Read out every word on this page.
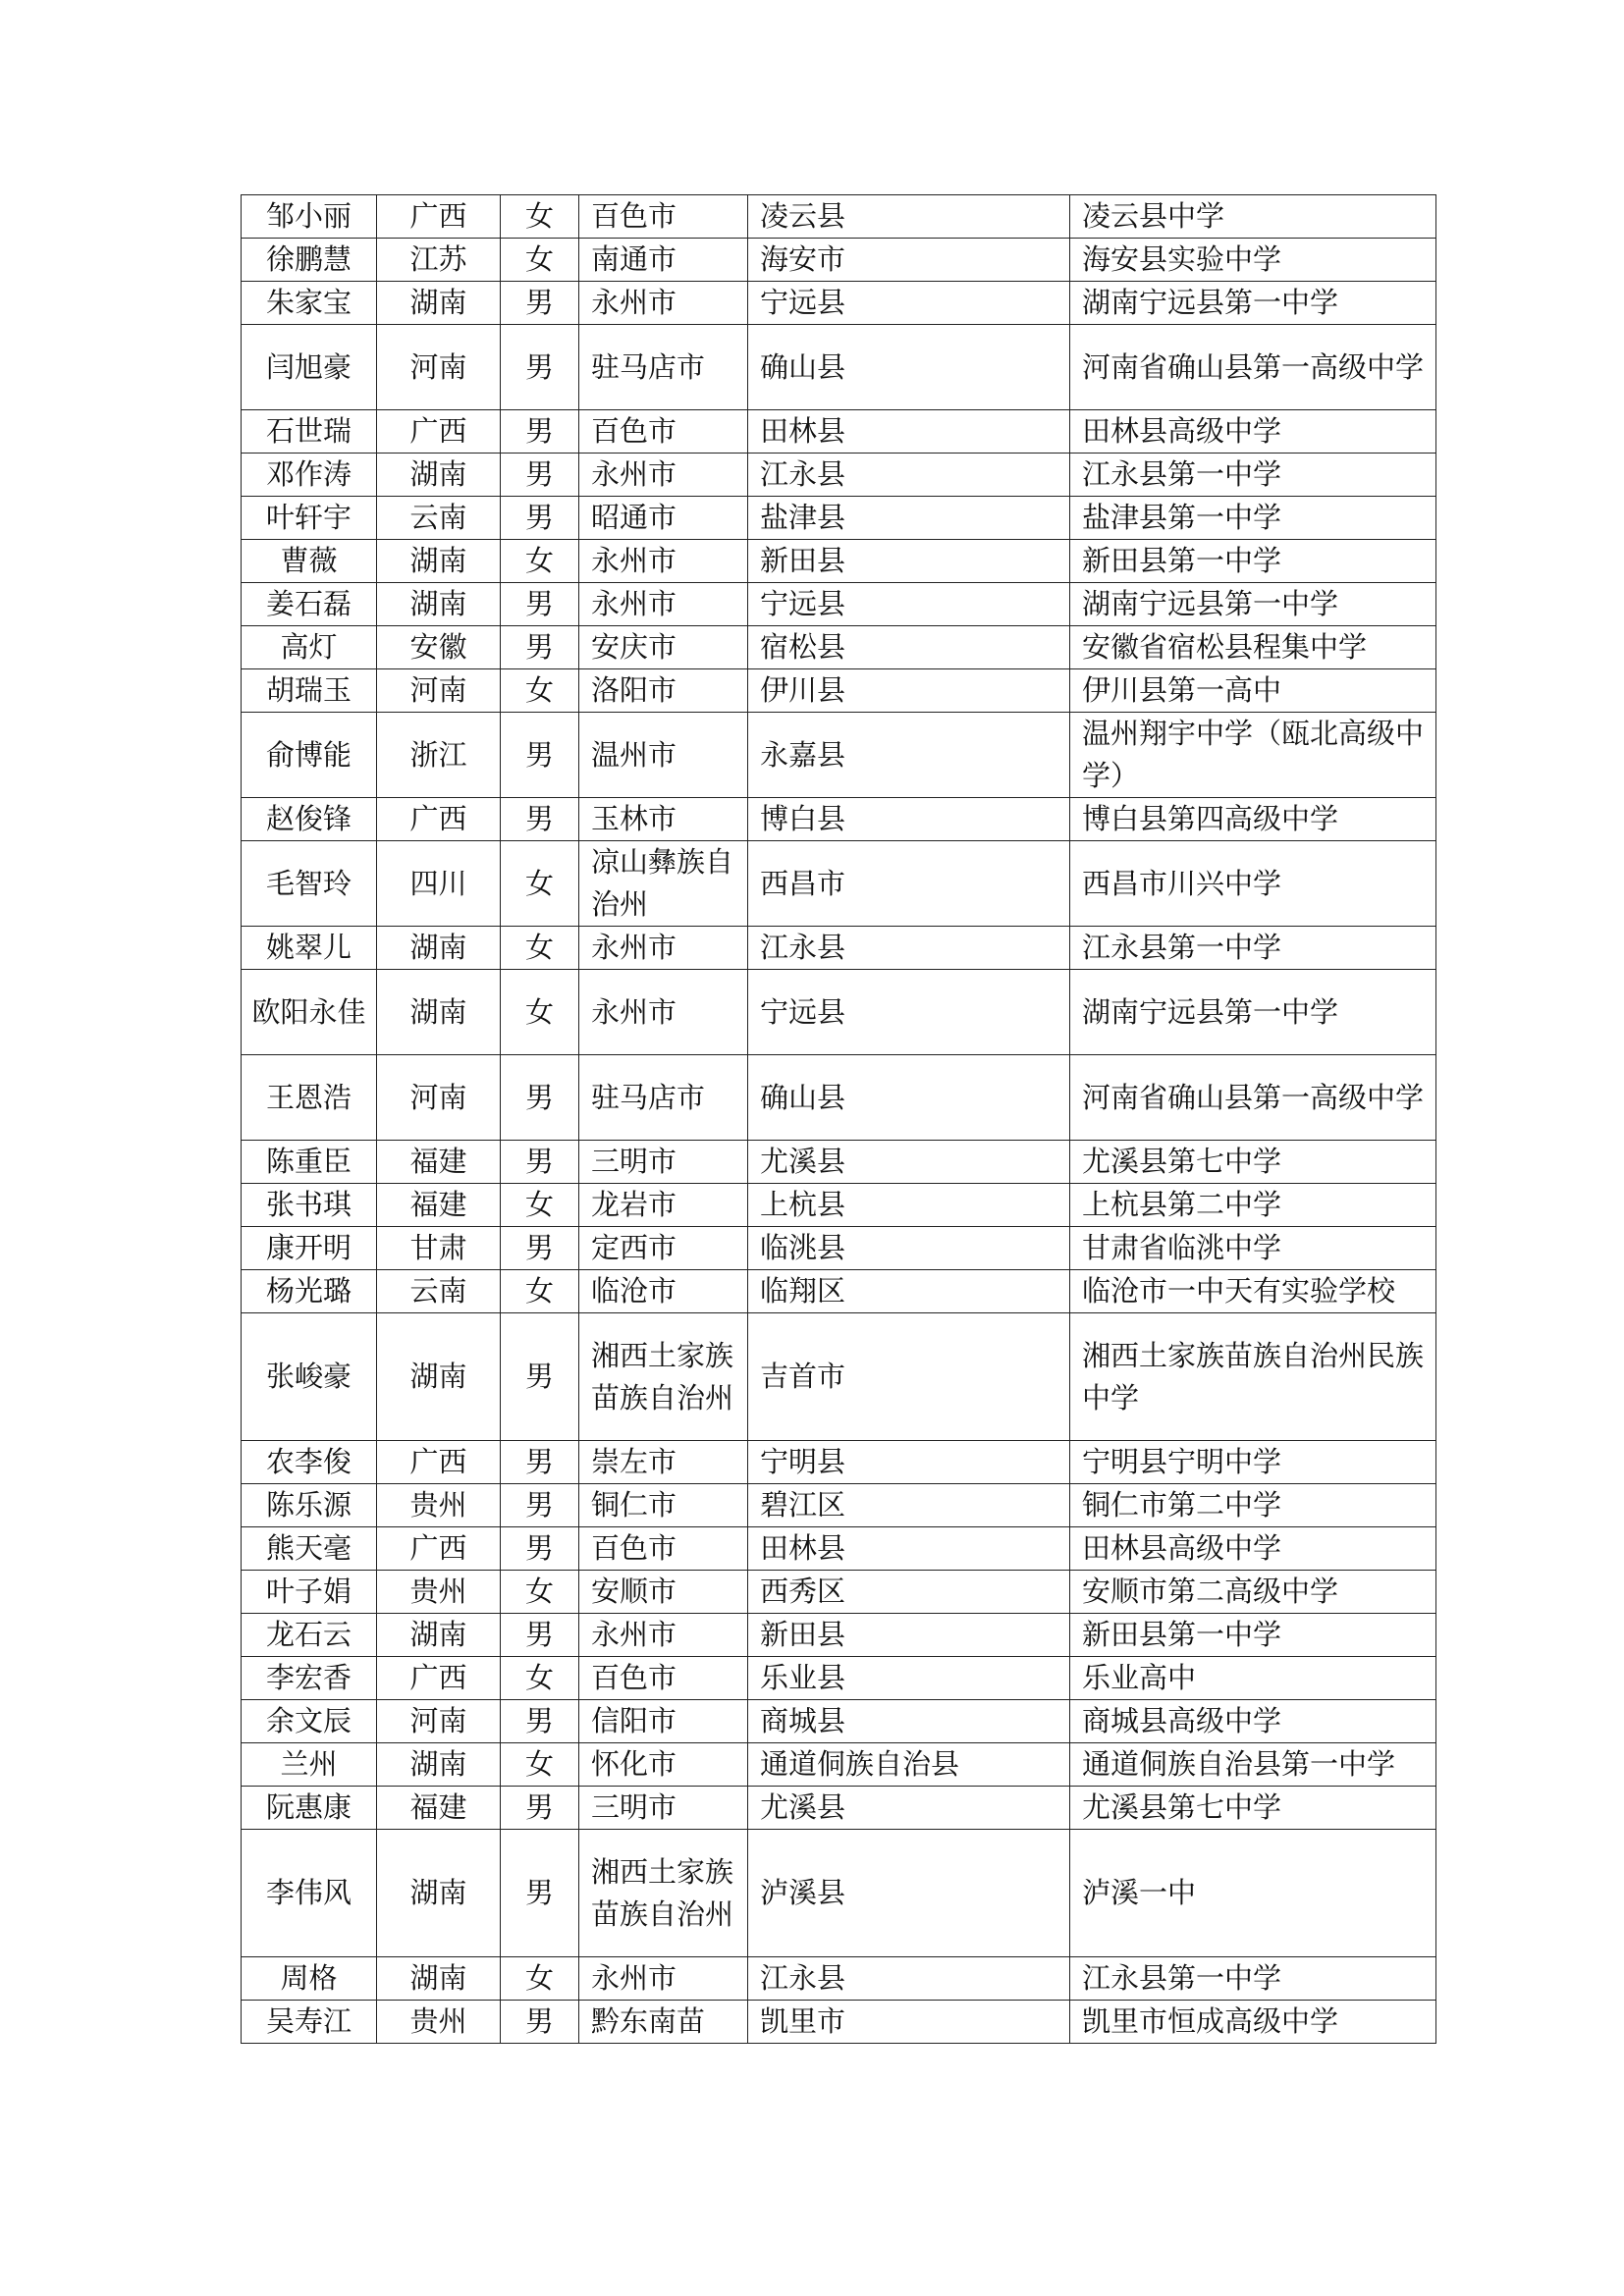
邹小丽	广西	女	百色市	凌云县	凌云县中学
徐鹏慧	江苏	女	南通市	海安市	海安县实验中学
朱家宝	湖南	男	永州市	宁远县	湖南宁远县第一中学
闫旭豪	河南	男	驻马店市	确山县	河南省确山县第一高级中学
石世瑞	广西	男	百色市	田林县	田林县高级中学
邓作涛	湖南	男	永州市	江永县	江永县第一中学
叶轩宇	云南	男	昭通市	盐津县	盐津县第一中学
曹薇	湖南	女	永州市	新田县	新田县第一中学
姜石磊	湖南	男	永州市	宁远县	湖南宁远县第一中学
高灯	安徽	男	安庆市	宿松县	安徽省宿松县程集中学
胡瑞玉	河南	女	洛阳市	伊川县	伊川县第一高中
俞博能	浙江	男	温州市	永嘉县	温州翔宇中学（瓯北高级中学）
赵俊锋	广西	男	玉林市	博白县	博白县第四高级中学
毛智玲	四川	女	凉山彝族自治州	西昌市	西昌市川兴中学
姚翠儿	湖南	女	永州市	江永县	江永县第一中学
欧阳永佳	湖南	女	永州市	宁远县	湖南宁远县第一中学
王恩浩	河南	男	驻马店市	确山县	河南省确山县第一高级中学
陈重臣	福建	男	三明市	尤溪县	尤溪县第七中学
张书琪	福建	女	龙岩市	上杭县	上杭县第二中学
康开明	甘肃	男	定西市	临洮县	甘肃省临洮中学
杨光璐	云南	女	临沧市	临翔区	临沧市一中天有实验学校
张峻豪	湖南	男	湘西土家族苗族自治州	吉首市	湘西土家族苗族自治州民族中学
农李俊	广西	男	崇左市	宁明县	宁明县宁明中学
陈乐源	贵州	男	铜仁市	碧江区	铜仁市第二中学
熊天毫	广西	男	百色市	田林县	田林县高级中学
叶子娟	贵州	女	安顺市	西秀区	安顺市第二高级中学
龙石云	湖南	男	永州市	新田县	新田县第一中学
李宏香	广西	女	百色市	乐业县	乐业高中
余文辰	河南	男	信阳市	商城县	商城县高级中学
兰州	湖南	女	怀化市	通道侗族自治县	通道侗族自治县第一中学
阮惠康	福建	男	三明市	尤溪县	尤溪县第七中学
李伟风	湖南	男	湘西土家族苗族自治州	泸溪县	泸溪一中
周格	湖南	女	永州市	江永县	江永县第一中学
吴寿江	贵州	男	黔东南苗	凯里市	凯里市恒成高级中学
